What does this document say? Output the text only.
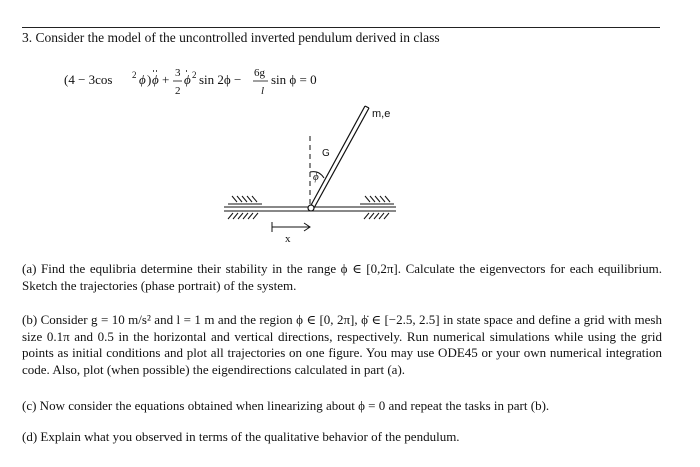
3. Consider the model of the uncontrolled inverted pendulum derived in class
(4 − 3cos 2 ϕ ) ϕ + 3
2
ϕ 2 sin 2ϕ − 6g
l
sin ϕ = 0
ϕ
G
m,e
x

(a) Find the equlibria determine their stability in the range ϕ ∈ [0,2π]. Calculate the eigenvectors for each equilibrium. Sketch the trajectories (phase portrait) of the system.

(b) Consider g = 10 m/s² and l = 1 m and the region ϕ ∈ [0, 2π], ϕ̇ ∈ [−2.5, 2.5] in state space and define a grid with mesh size 0.1π and 0.5 in the horizontal and vertical directions, respectively. Run numerical simulations while using the grid points as initial conditions and plot all trajectories on one figure. You may use ODE45 or your own numerical integration code. Also, plot (when possible) the eigendirections calculated in part (a).

(c) Now consider the equations obtained when linearizing about ϕ = 0 and repeat the tasks in part (b).

(d) Explain what you observed in terms of the qualitative behavior of the pendulum.
